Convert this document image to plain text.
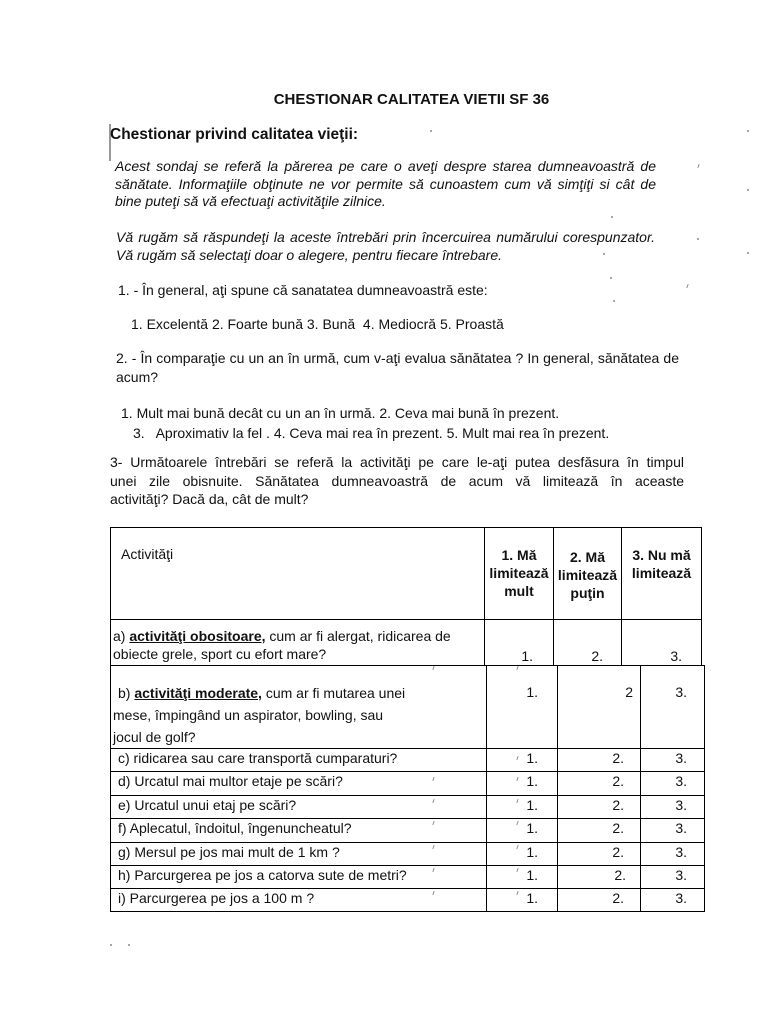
CHESTIONAR CALITATEA VIETII SF 36
Chestionar privind calitatea vieţii:
Acest sondaj se referă la părerea pe care o aveţi despre starea dumneavoastră de
sănătate. Informaţiile obţinute ne vor permite să cunoastem cum vă simţiţi si cât de
bine puteţi să vă efectuaţi activităţile zilnice.
Vă rugăm să răspundeţi la aceste întrebări prin încercuirea numărului corespunzator.
Vă rugăm să selectaţi doar o alegere, pentru fiecare întrebare.
1. - În general, aţi spune că sanatatea dumneavoastră este:
1. Excelentă 2. Foarte bună 3. Bună  4. Mediocră 5. Proastă
2. - În comparaţie cu un an în urmă, cum v-aţi evalua sănătatea ? In general, sănătatea de
acum?
1. Mult mai bună decât cu un an în urmă. 2. Ceva mai bună în prezent.
3.   Aproximativ la fel . 4. Ceva mai rea în prezent. 5. Mult mai rea în prezent.
3- Următoarele întrebări se referă la activităţi pe care le-aţi putea desfăsura în timpul
unei zile obisnuite. Sănătatea dumneavoastră de acum vă limitează în aceaste
activităţi? Dacă da, cât de mult?
Activităţi	1. Mă
limitează
mult	2. Mă
limitează
puţin	3. Nu mă
limitează

a) activităţi obositoare, cum ar fi alergat, ridicarea de
obiecte grele, sport cu efort mare?	1.	2.	3.
b) activităţi moderate, cum ar fi mutarea unei
mese, împingând un aspirator, bowling, sau
jocul de golf?	1.	2	3.
c) ridicarea sau care transportă cumparaturi?	1.	2.	3.
d) Urcatul mai multor etaje pe scări?	1.	2.	3.
e) Urcatul unui etaj pe scări?	1.	2.	3.
f) Aplecatul, îndoitul, îngenuncheatul?	1.	2.	3.
g) Mersul pe jos mai mult de 1 km ?	1.	2.	3.
h) Parcurgerea pe jos a catorva sute de metri?	1.	2.	3.
i) Parcurgerea pe jos a 100 m ?	1.	2.	3.
